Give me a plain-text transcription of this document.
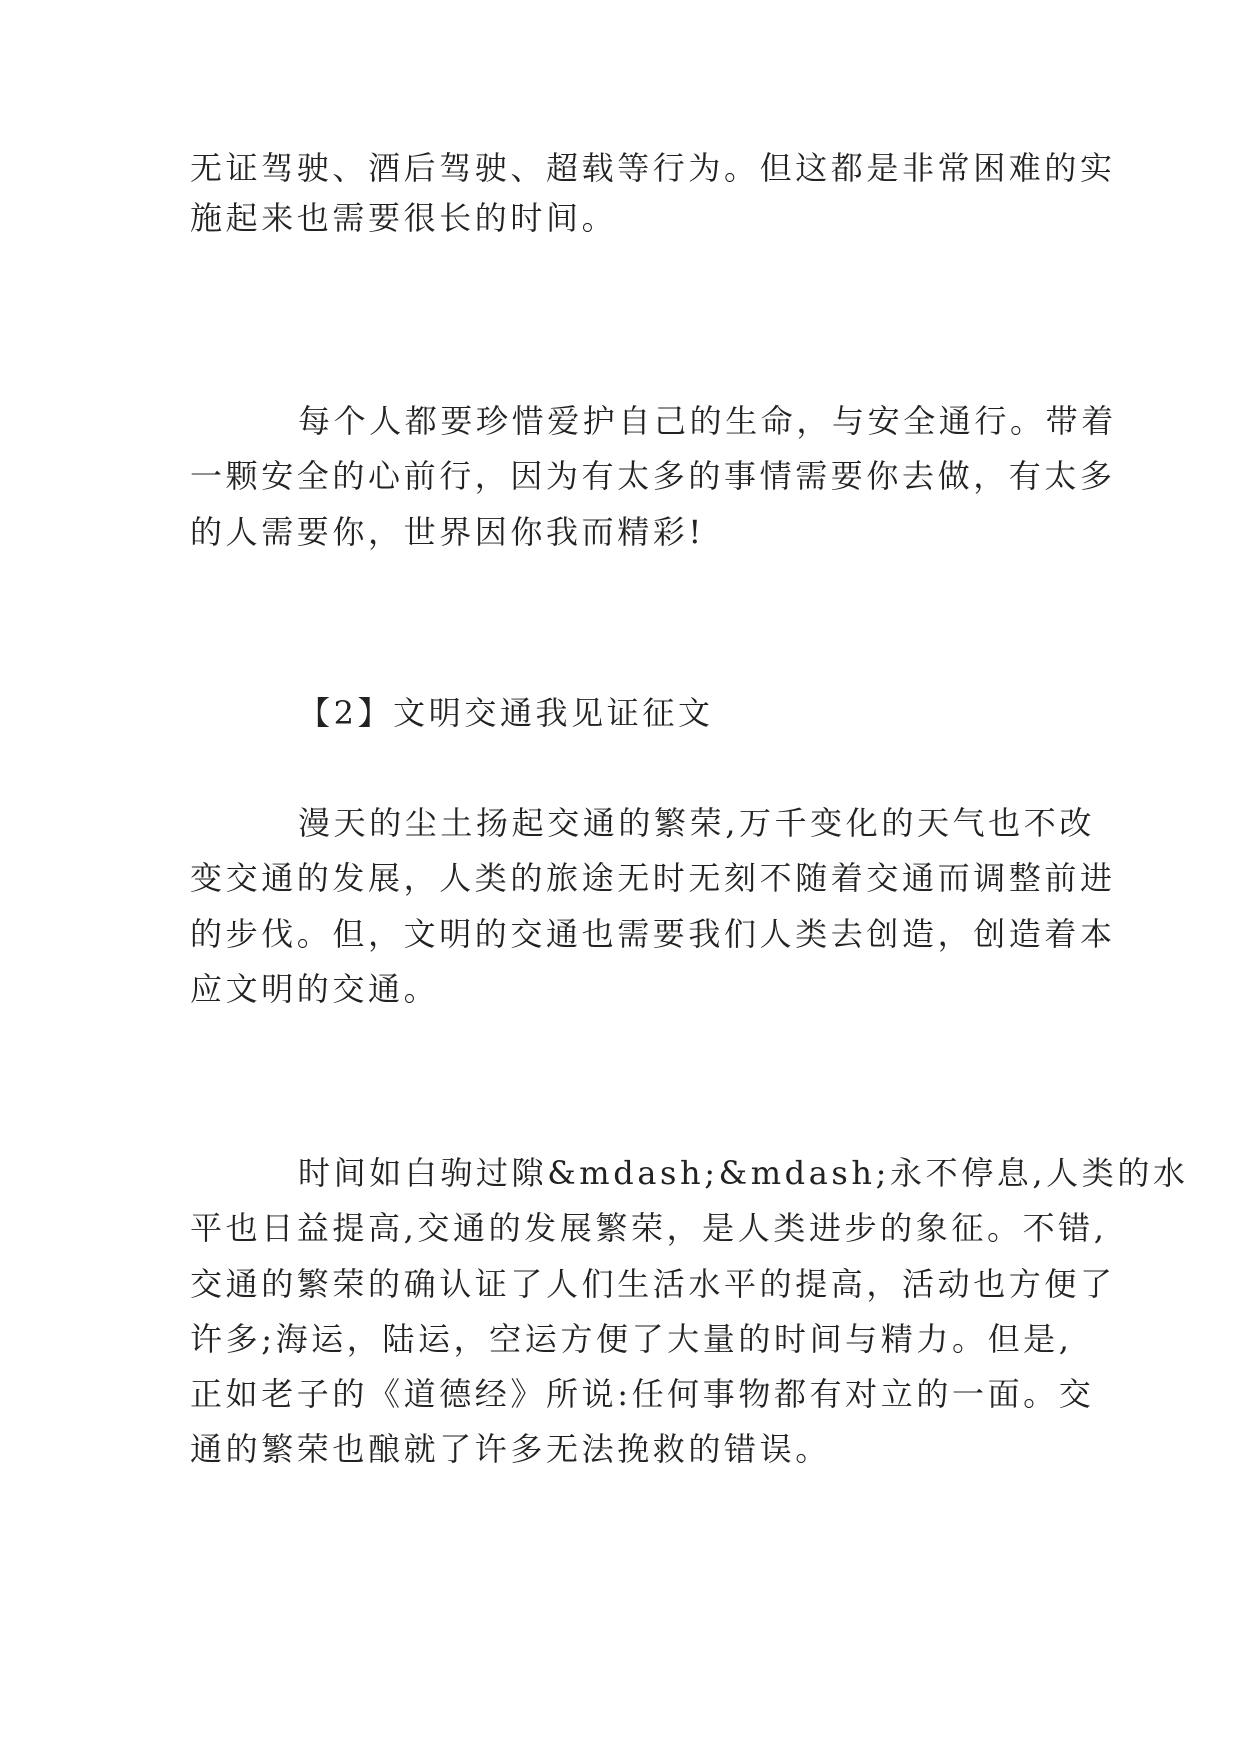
无证驾驶、酒后驾驶、超载等行为。但这都是非常困难的实
施起来也需要很长的时间。
每个人都要珍惜爱护自己的生命，与安全通行。带着
一颗安全的心前行，因为有太多的事情需要你去做，有太多
的人需要你，世界因你我而精彩!
【2】文明交通我见证征文
漫天的尘土扬起交通的繁荣,万千变化的天气也不改
变交通的发展，人类的旅途无时无刻不随着交通而调整前进
的步伐。但，文明的交通也需要我们人类去创造，创造着本
应文明的交通。
时间如白驹过隙&mdash;&mdash;永不停息,人类的水
平也日益提高,交通的发展繁荣，是人类进步的象征。不错,
交通的繁荣的确认证了人们生活水平的提高，活动也方便了
许多;海运，陆运，空运方便了大量的时间与精力。但是,
正如老子的《道德经》所说:任何事物都有对立的一面。交
通的繁荣也酿就了许多无法挽救的错误。
